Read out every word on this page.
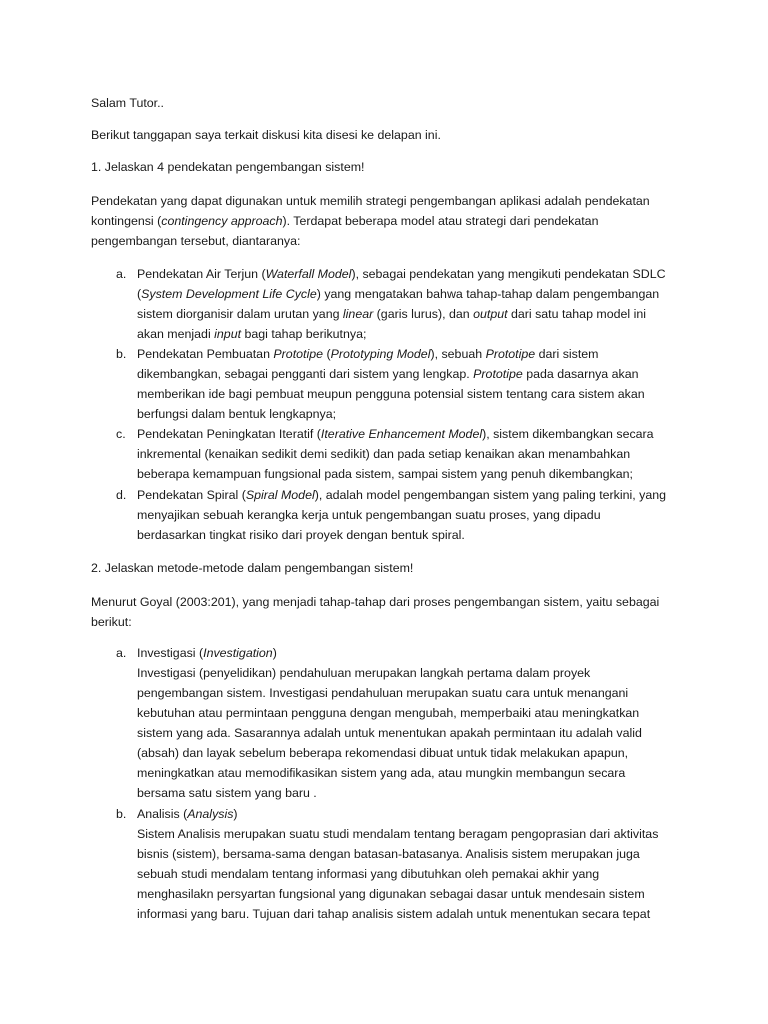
Salam Tutor..
Berikut tanggapan saya terkait diskusi kita disesi ke delapan ini.
1. Jelaskan 4 pendekatan pengembangan sistem!
Pendekatan yang dapat digunakan untuk memilih strategi pengembangan aplikasi adalah pendekatan
kontingensi (contingency approach). Terdapat beberapa model atau strategi dari pendekatan
pengembangan tersebut, diantaranya:
a. Pendekatan Air Terjun (Waterfall Model), sebagai pendekatan yang mengikuti pendekatan SDLC
(System Development Life Cycle) yang mengatakan bahwa tahap-tahap dalam pengembangan
sistem diorganisir dalam urutan yang linear (garis lurus), dan output dari satu tahap model ini
akan menjadi input bagi tahap berikutnya;
b. Pendekatan Pembuatan Prototipe (Prototyping Model), sebuah Prototipe dari sistem
dikembangkan, sebagai pengganti dari sistem yang lengkap. Prototipe pada dasarnya akan
memberikan ide bagi pembuat meupun pengguna potensial sistem tentang cara sistem akan
berfungsi dalam bentuk lengkapnya;
c. Pendekatan Peningkatan Iteratif (Iterative Enhancement Model), sistem dikembangkan secara
inkremental (kenaikan sedikit demi sedikit) dan pada setiap kenaikan akan menambahkan
beberapa kemampuan fungsional pada sistem, sampai sistem yang penuh dikembangkan;
d. Pendekatan Spiral (Spiral Model), adalah model pengembangan sistem yang paling terkini, yang
menyajikan sebuah kerangka kerja untuk pengembangan suatu proses, yang dipadu
berdasarkan tingkat risiko dari proyek dengan bentuk spiral.
2. Jelaskan metode-metode dalam pengembangan sistem!
Menurut Goyal (2003:201), yang menjadi tahap-tahap dari proses pengembangan sistem, yaitu sebagai
berikut:
a. Investigasi (Investigation)
Investigasi (penyelidikan) pendahuluan merupakan langkah pertama dalam proyek
pengembangan sistem. Investigasi pendahuluan merupakan suatu cara untuk menangani
kebutuhan atau permintaan pengguna dengan mengubah, memperbaiki atau meningkatkan
sistem yang ada. Sasarannya adalah untuk menentukan apakah permintaan itu adalah valid
(absah) dan layak sebelum beberapa rekomendasi dibuat untuk tidak melakukan apapun,
meningkatkan atau memodifikasikan sistem yang ada, atau mungkin membangun secara
bersama satu sistem yang baru .
b. Analisis (Analysis)
Sistem Analisis merupakan suatu studi mendalam tentang beragam pengoprasian dari aktivitas
bisnis (sistem), bersama-sama dengan batasan-batasanya. Analisis sistem merupakan juga
sebuah studi mendalam tentang informasi yang dibutuhkan oleh pemakai akhir yang
menghasilakn persyartan fungsional yang digunakan sebagai dasar untuk mendesain sistem
informasi yang baru. Tujuan dari tahap analisis sistem adalah untuk menentukan secara tepat
